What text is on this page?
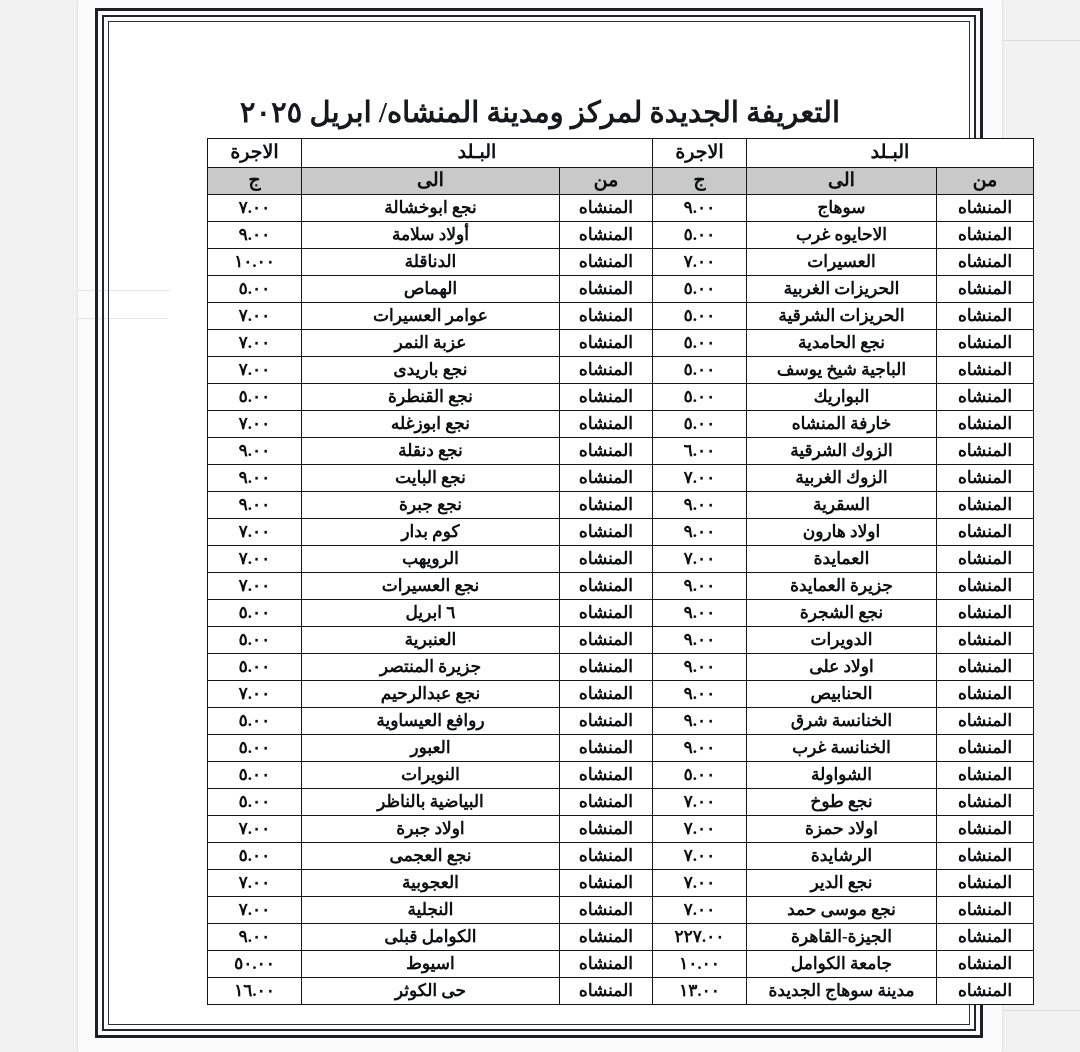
التعريفة الجديدة لمركز ومدينة المنشاه/ ابريل ٢٠٢٥
البـلد		الاجرة	البـلد		الاجرة
من	الى	ج	من	الى	ج
المنشاه	سوهاج	٩.٠٠	المنشاه	نجع ابوخشالة	٧.٠٠
المنشاه	الاحايوه غرب	٥.٠٠	المنشاه	أولاد سلامة	٩.٠٠
المنشاه	العسيرات	٧.٠٠	المنشاه	الدناقلة	١٠.٠٠
المنشاه	الحريزات الغربية	٥.٠٠	المنشاه	الهماص	٥.٠٠
المنشاه	الحريزات الشرقية	٥.٠٠	المنشاه	عوامر العسيرات	٧.٠٠
المنشاه	نجع الحامدية	٥.٠٠	المنشاه	عزبة النمر	٧.٠٠
المنشاه	الباجية شيخ يوسف	٥.٠٠	المنشاه	نجع باريدى	٧.٠٠
المنشاه	البواريك	٥.٠٠	المنشاه	نجع القنطرة	٥.٠٠
المنشاه	خارفة المنشاه	٥.٠٠	المنشاه	نجع ابوزغله	٧.٠٠
المنشاه	الزوك الشرقية	٦.٠٠	المنشاه	نجع دنقلة	٩.٠٠
المنشاه	الزوك الغربية	٧.٠٠	المنشاه	نجع البايت	٩.٠٠
المنشاه	السقرية	٩.٠٠	المنشاه	نجع جبرة	٩.٠٠
المنشاه	اولاد هارون	٩.٠٠	المنشاه	كوم بدار	٧.٠٠
المنشاه	العمايدة	٧.٠٠	المنشاه	الرويهب	٧.٠٠
المنشاه	جزيرة العمايدة	٩.٠٠	المنشاه	نجع العسيرات	٧.٠٠
المنشاه	نجع الشجرة	٩.٠٠	المنشاه	٦ ابريل	٥.٠٠
المنشاه	الدويرات	٩.٠٠	المنشاه	العنبرية	٥.٠٠
المنشاه	اولاد على	٩.٠٠	المنشاه	جزيرة المنتصر	٥.٠٠
المنشاه	الحنابيص	٩.٠٠	المنشاه	نجع عبدالرحيم	٧.٠٠
المنشاه	الخنانسة شرق	٩.٠٠	المنشاه	روافع العيساوية	٥.٠٠
المنشاه	الخنانسة غرب	٩.٠٠	المنشاه	العبور	٥.٠٠
المنشاه	الشواولة	٥.٠٠	المنشاه	النويرات	٥.٠٠
المنشاه	نجع طوخ	٧.٠٠	المنشاه	البياضية بالناظر	٥.٠٠
المنشاه	اولاد حمزة	٧.٠٠	المنشاه	اولاد جبرة	٧.٠٠
المنشاه	الرشايدة	٧.٠٠	المنشاه	نجع العجمى	٥.٠٠
المنشاه	نجع الدير	٧.٠٠	المنشاه	العجوبية	٧.٠٠
المنشاه	نجع موسى حمد	٧.٠٠	المنشاه	النجلية	٧.٠٠
المنشاه	الجيزة-القاهرة	٢٢٧.٠٠	المنشاه	الكوامل قبلى	٩.٠٠
المنشاه	جامعة الكوامل	١٠.٠٠	المنشاه	اسيوط	٥٠.٠٠
المنشاه	مدينة سوهاج الجديدة	١٣.٠٠	المنشاه	حى الكوثر	١٦.٠٠
